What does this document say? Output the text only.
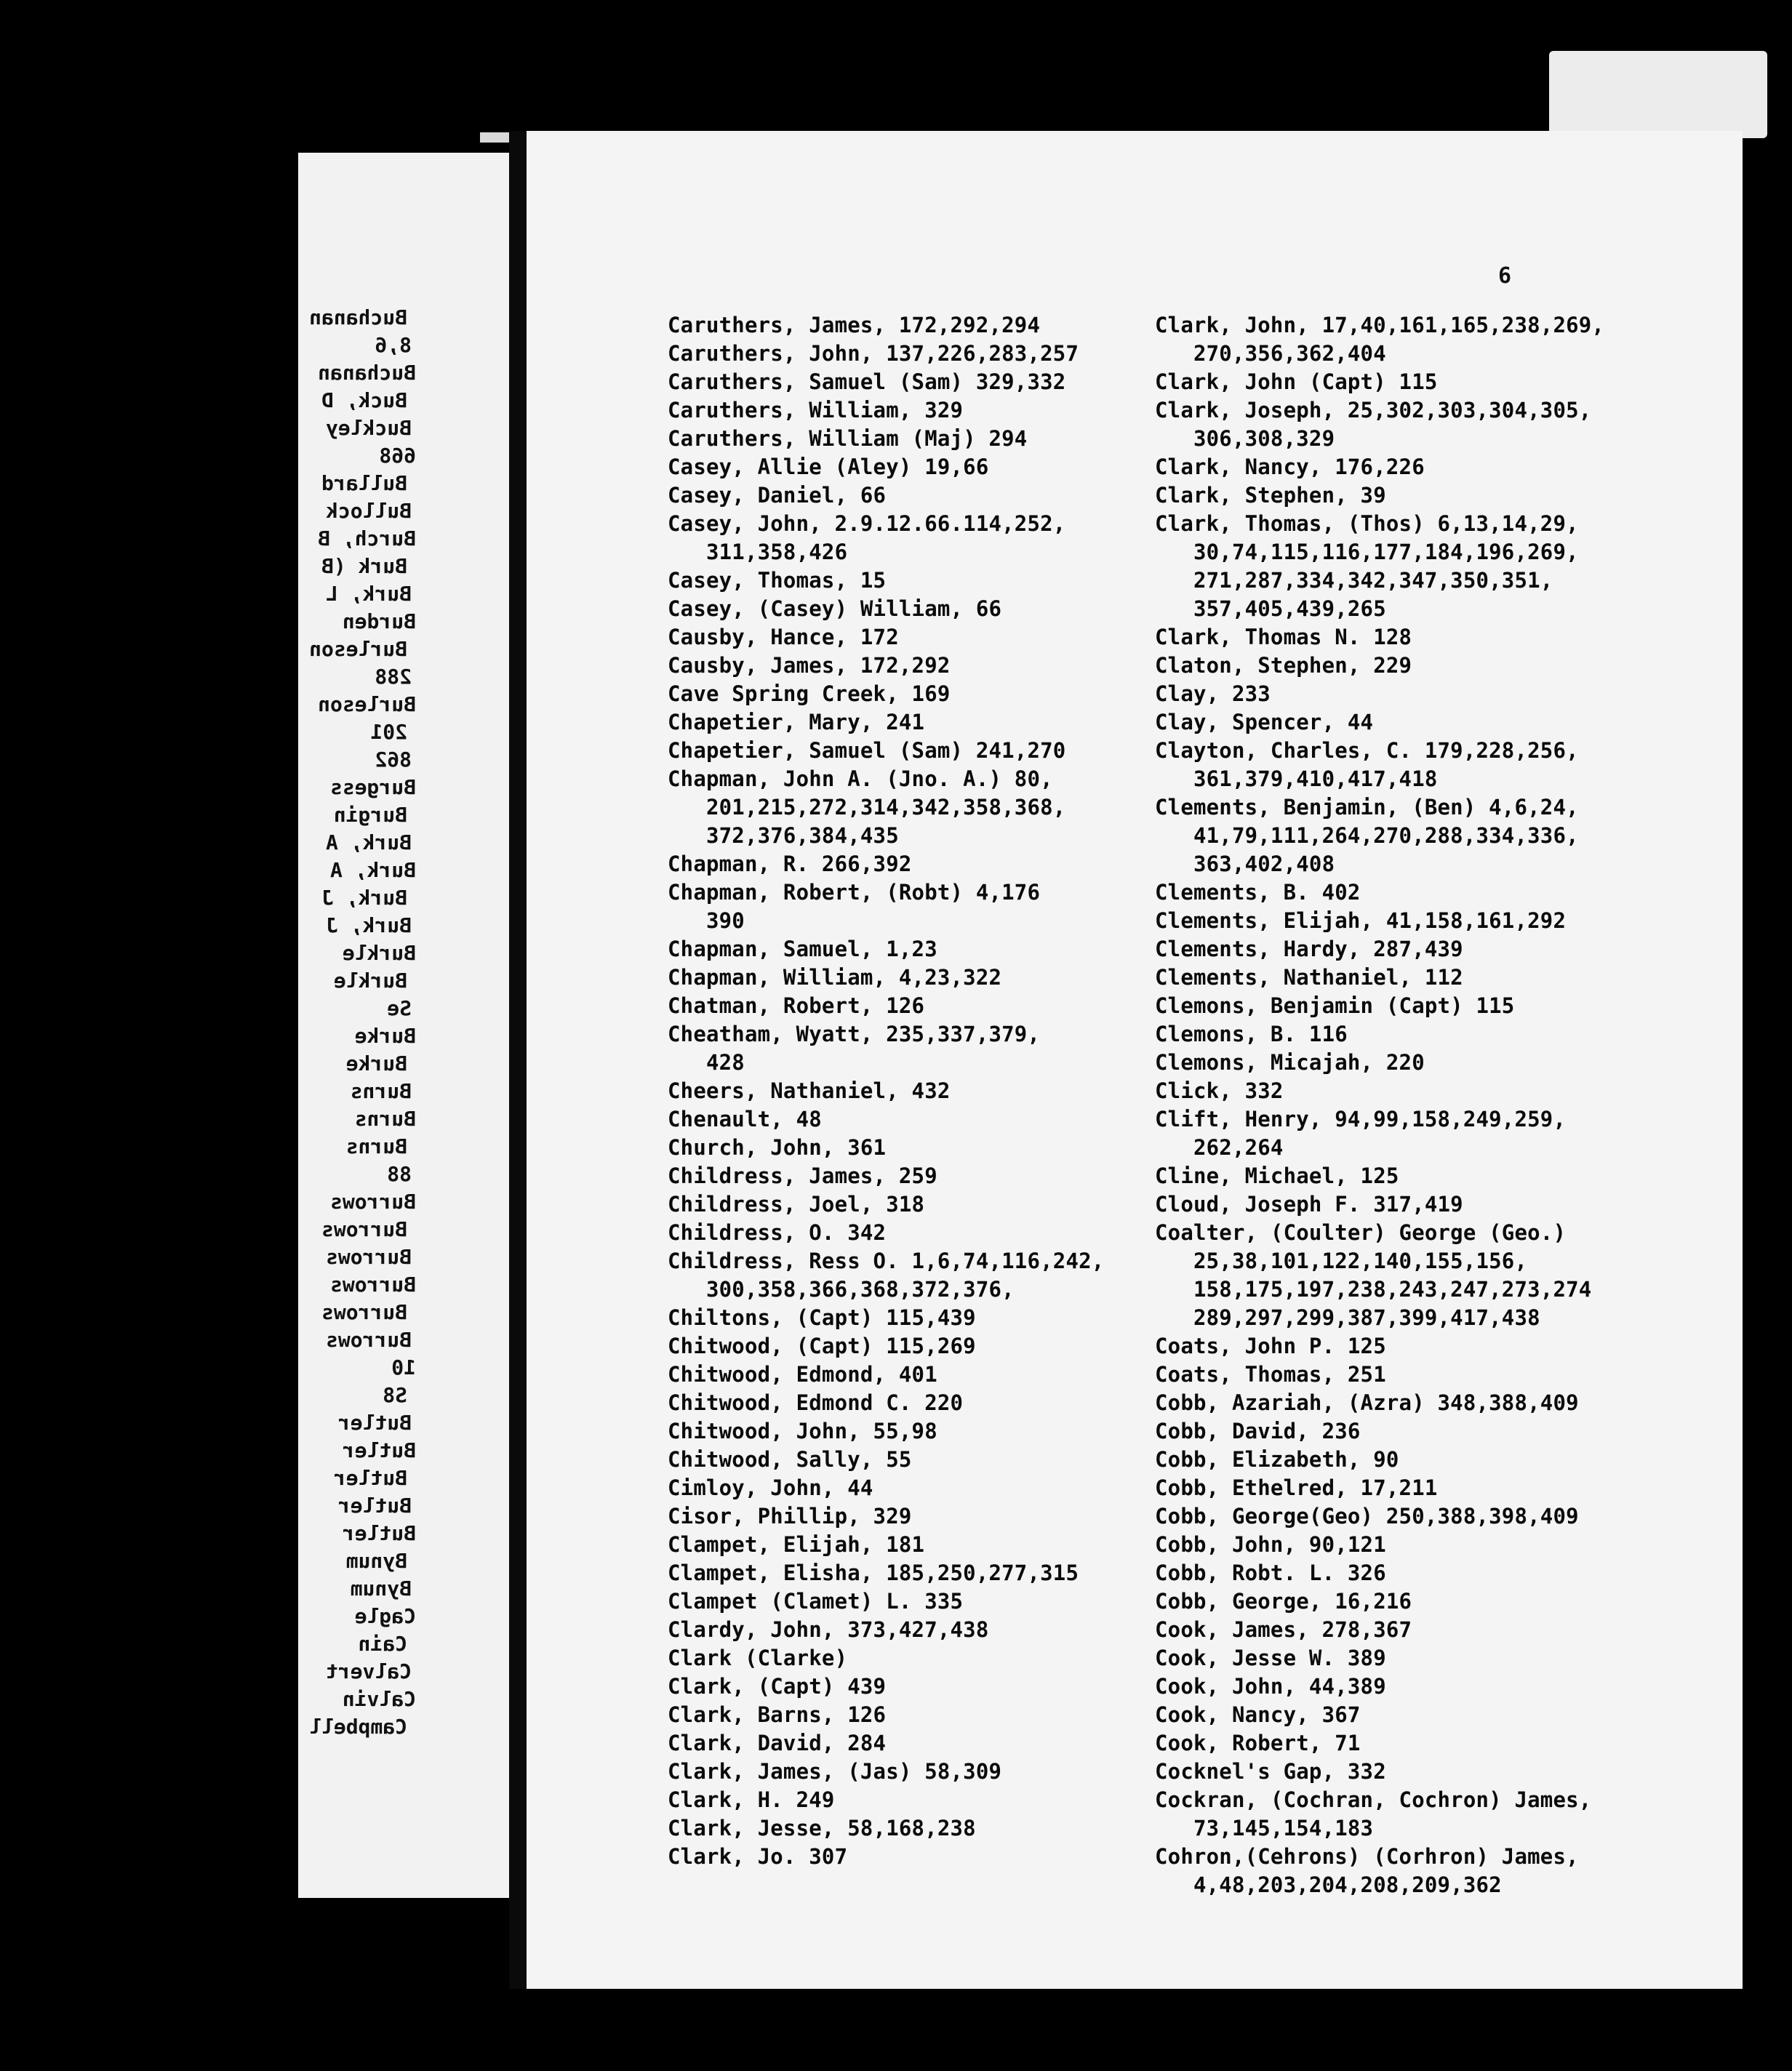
Buchanan
8,6
Buchanan
Buck, D
Buckley
668
Bullard
Bullock
Burch, B
Burk (B
Burk, L
Burden
Burleson
288
Burleson
201
862
Burgess
Burgin
Burk, A
Burk, A
Burk, J
Burk, J
Burkle
Burkle
Se
Burke
Burke
Burns
Burns
Burns
88
Burrows
Burrows
Burrows
Burrows
Burrows
Burrows
10
S8
Butler
Butler
Butler
Butler
Butler
Bynum
Bynum
Cagle
Cain
Calvert
Calvin
Campbell
6
Caruthers, James, 172,292,294
Caruthers, John, 137,226,283,257
Caruthers, Samuel (Sam) 329,332
Caruthers, William, 329
Caruthers, William (Maj) 294
Casey, Allie (Aley) 19,66
Casey, Daniel, 66
Casey, John, 2.9.12.66.114,252,
311,358,426
Casey, Thomas, 15
Casey, (Casey) William, 66
Causby, Hance, 172
Causby, James, 172,292
Cave Spring Creek, 169
Chapetier, Mary, 241
Chapetier, Samuel (Sam) 241,270
Chapman, John A. (Jno. A.) 80,
201,215,272,314,342,358,368,
372,376,384,435
Chapman, R. 266,392
Chapman, Robert, (Robt) 4,176
390
Chapman, Samuel, 1,23
Chapman, William, 4,23,322
Chatman, Robert, 126
Cheatham, Wyatt, 235,337,379,
428
Cheers, Nathaniel, 432
Chenault, 48
Church, John, 361
Childress, James, 259
Childress, Joel, 318
Childress, O. 342
Childress, Ress O. 1,6,74,116,242,
300,358,366,368,372,376,
Chiltons, (Capt) 115,439
Chitwood, (Capt) 115,269
Chitwood, Edmond, 401
Chitwood, Edmond C. 220
Chitwood, John, 55,98
Chitwood, Sally, 55
Cimloy, John, 44
Cisor, Phillip, 329
Clampet, Elijah, 181
Clampet, Elisha, 185,250,277,315
Clampet (Clamet) L. 335
Clardy, John, 373,427,438
Clark (Clarke)
Clark, (Capt) 439
Clark, Barns, 126
Clark, David, 284
Clark, James, (Jas) 58,309
Clark, H. 249
Clark, Jesse, 58,168,238
Clark, Jo. 307
Clark, John, 17,40,161,165,238,269,
270,356,362,404
Clark, John (Capt) 115
Clark, Joseph, 25,302,303,304,305,
306,308,329
Clark, Nancy, 176,226
Clark, Stephen, 39
Clark, Thomas, (Thos) 6,13,14,29,
30,74,115,116,177,184,196,269,
271,287,334,342,347,350,351,
357,405,439,265
Clark, Thomas N. 128
Claton, Stephen, 229
Clay, 233
Clay, Spencer, 44
Clayton, Charles, C. 179,228,256,
361,379,410,417,418
Clements, Benjamin, (Ben) 4,6,24,
41,79,111,264,270,288,334,336,
363,402,408
Clements, B. 402
Clements, Elijah, 41,158,161,292
Clements, Hardy, 287,439
Clements, Nathaniel, 112
Clemons, Benjamin (Capt) 115
Clemons, B. 116
Clemons, Micajah, 220
Click, 332
Clift, Henry, 94,99,158,249,259,
262,264
Cline, Michael, 125
Cloud, Joseph F. 317,419
Coalter, (Coulter) George (Geo.)
25,38,101,122,140,155,156,
158,175,197,238,243,247,273,274
289,297,299,387,399,417,438
Coats, John P. 125
Coats, Thomas, 251
Cobb, Azariah, (Azra) 348,388,409
Cobb, David, 236
Cobb, Elizabeth, 90
Cobb, Ethelred, 17,211
Cobb, George(Geo) 250,388,398,409
Cobb, John, 90,121
Cobb, Robt. L. 326
Cobb, George, 16,216
Cook, James, 278,367
Cook, Jesse W. 389
Cook, John, 44,389
Cook, Nancy, 367
Cook, Robert, 71
Cocknel's Gap, 332
Cockran, (Cochran, Cochron) James,
73,145,154,183
Cohron,(Cehrons) (Corhron) James,
4,48,203,204,208,209,362
